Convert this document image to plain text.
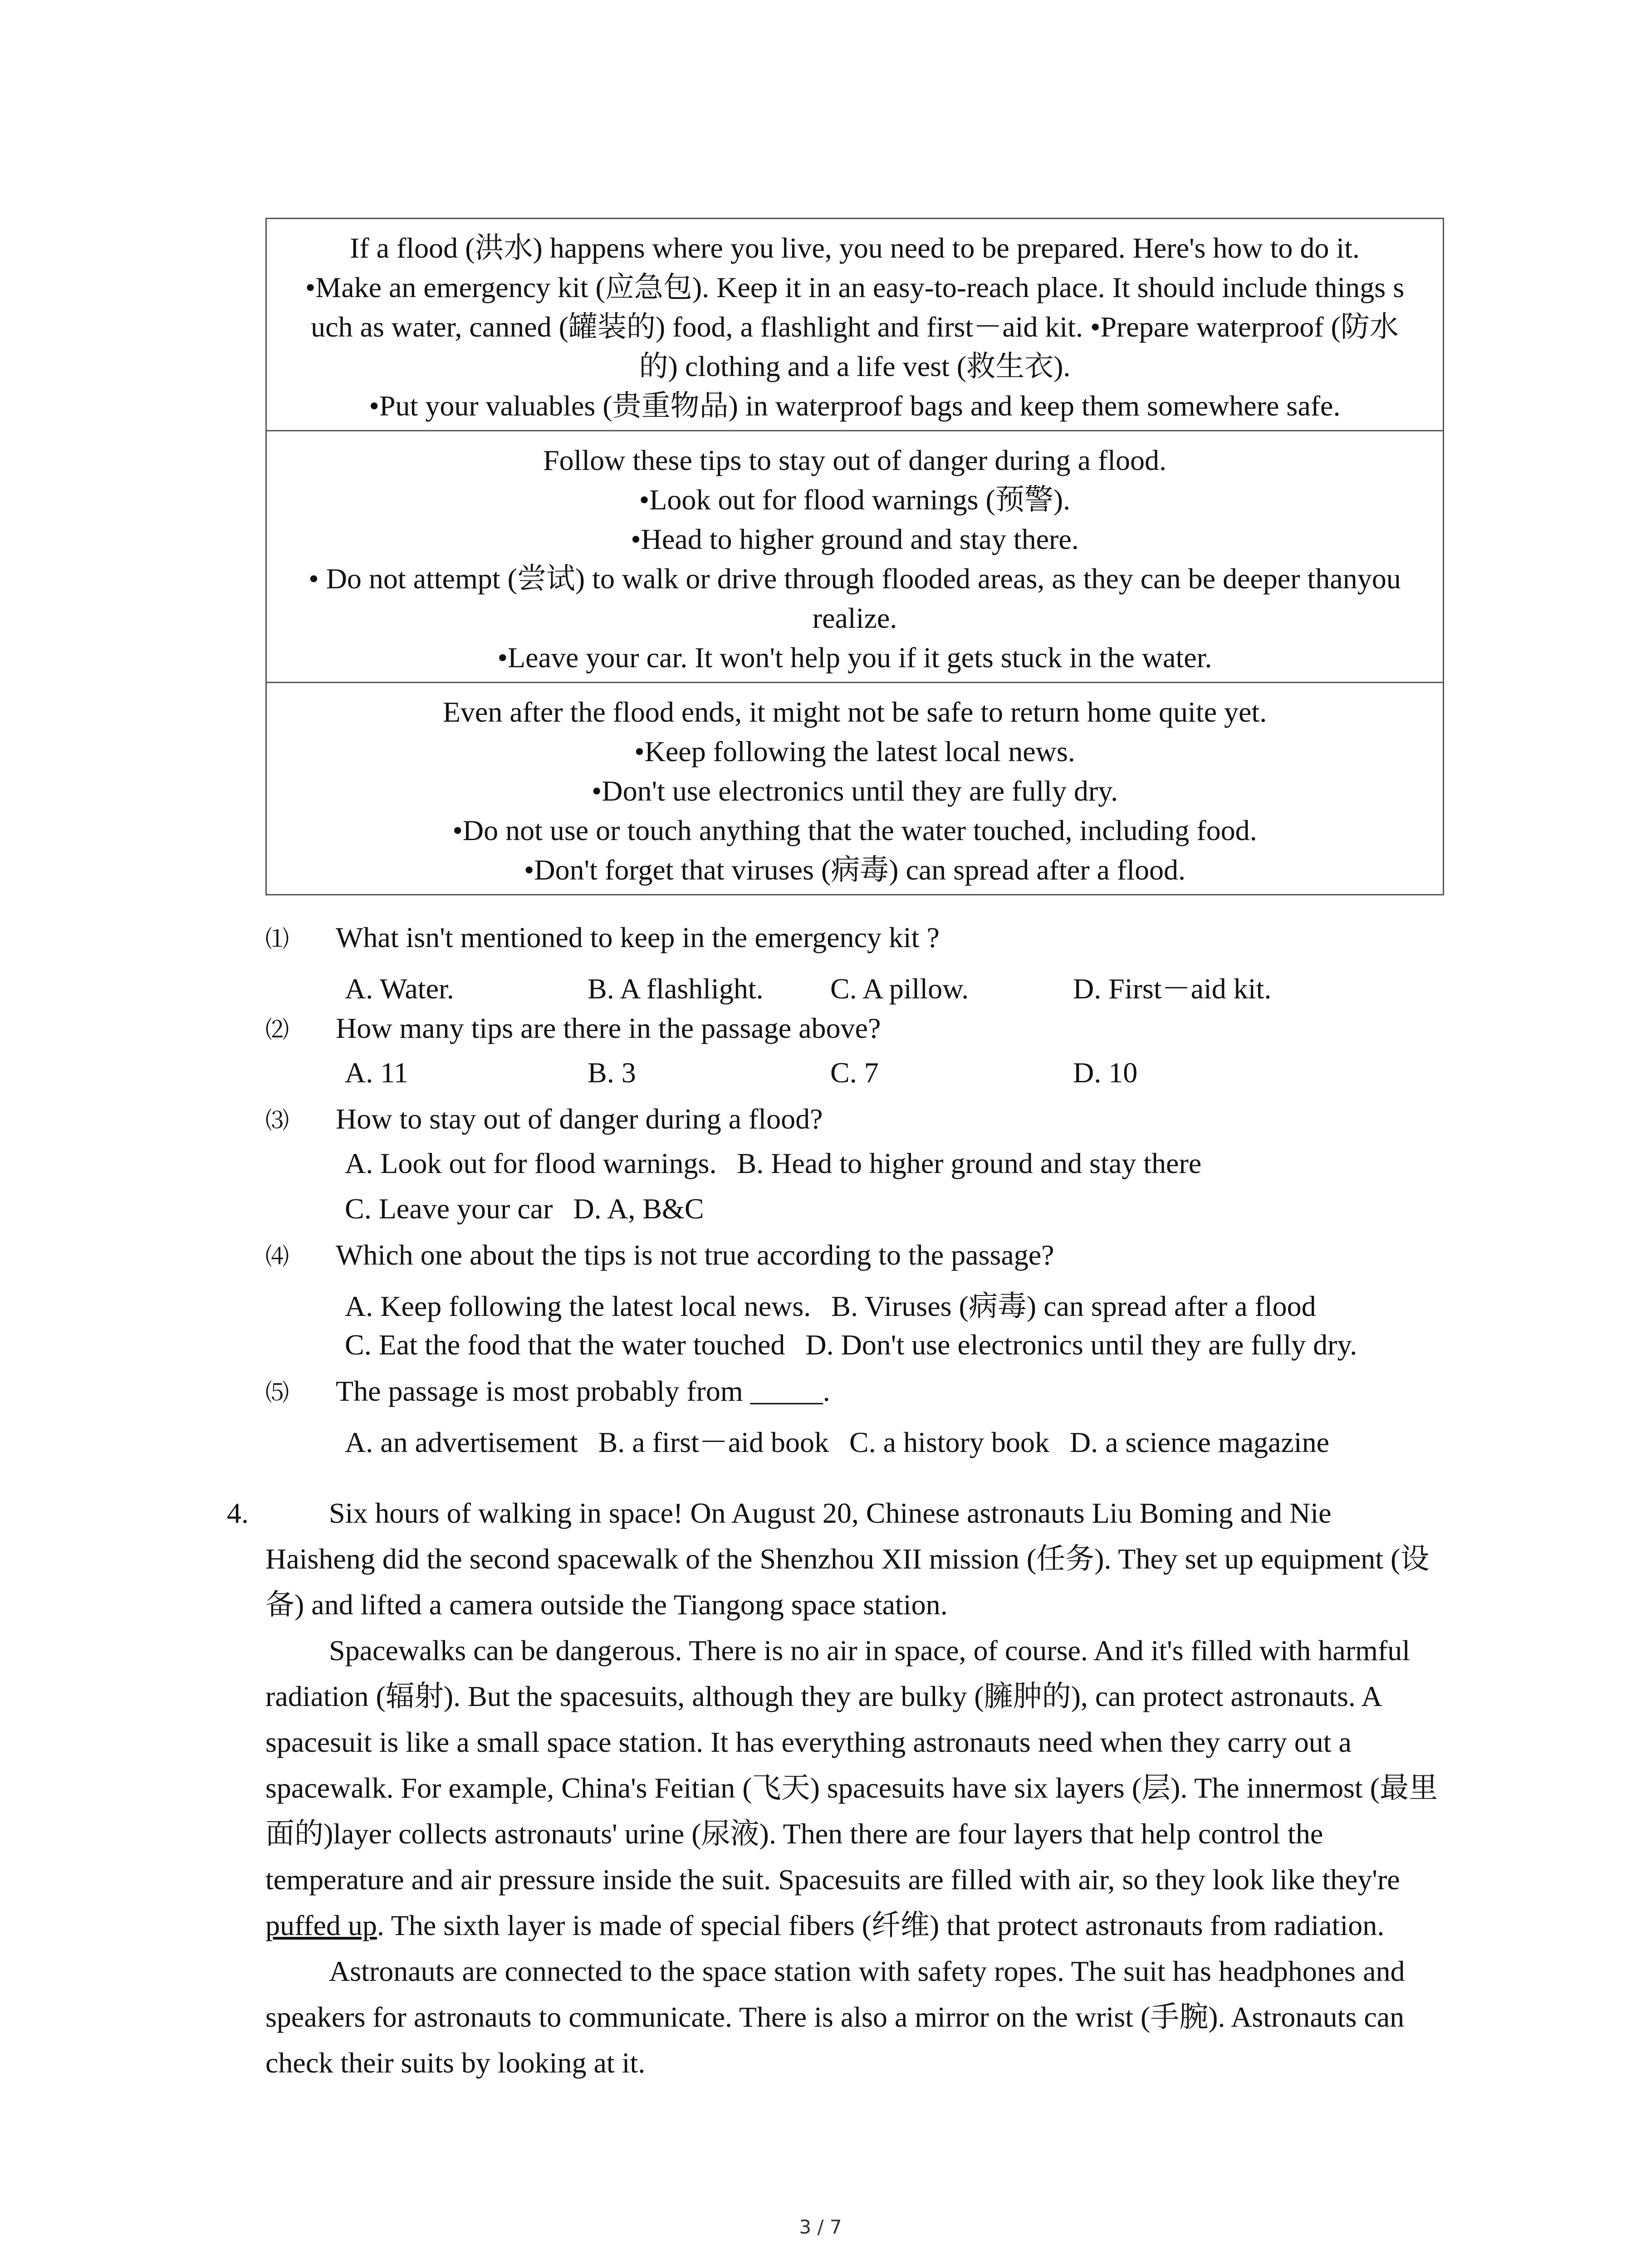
If a flood (洪水) happens where you live, you need to be prepared. Here's how to do it.
•Make an emergency kit (应急包). Keep it in an easy-to-reach place. It should include things s
uch as water, canned (罐装的) food, a flashlight and first－aid kit. •Prepare waterproof (防水
的) clothing and a life vest (救生衣).
•Put your valuables (贵重物品) in waterproof bags and keep them somewhere safe.
Follow these tips to stay out of danger during a flood.
•Look out for flood warnings (预警).
•Head to higher ground and stay there.
• Do not attempt (尝试) to walk or drive through flooded areas, as they can be deeper thanyou
realize.
•Leave your car. It won't help you if it gets stuck in the water.
Even after the flood ends, it might not be safe to return home quite yet.
•Keep following the latest local news.
•Don't use electronics until they are fully dry.
•Do not use or touch anything that the water touched, including food.
•Don't forget that viruses (病毒) can spread after a flood.
⑴	What isn't mentioned to keep in the emergency kit ?
A. Water.	B. A flashlight.	C. A pillow.	D. First－aid kit.
⑵	How many tips are there in the passage above?
A. 11	B. 3	C. 7	D. 10
⑶	How to stay out of danger during a flood?
A. Look out for flood warnings. B. Head to higher ground and stay there
C. Leave your car D. A, B&C
⑷	Which one about the tips is not true according to the passage?
A. Keep following the latest local news. B. Viruses (病毒) can spread after a flood
C. Eat the food that the water touched D. Don't use electronics until they are fully dry.
⑸	The passage is most probably from _____.
A. an advertisement B. a first－aid book C. a history book D. a science magazine
4.	Six hours of walking in space! On August 20, Chinese astronauts Liu Boming and Nie Haisheng did the second spacewalk of the Shenzhou XII mission (任务). They set up equipment (设备) and lifted a camera outside the Tiangong space station.

Spacewalks can be dangerous. There is no air in space, of course. And it's filled with harmful radiation (辐射). But the spacesuits, although they are bulky (臃肿的), can protect astronauts. A spacesuit is like a small space station. It has everything astronauts need when they carry out a spacewalk. For example, China's Feitian (飞天) spacesuits have six layers (层). The innermost (最里面的)layer collects astronauts' urine (尿液). Then there are four layers that help control the temperature and air pressure inside the suit. Spacesuits are filled with air, so they look like they're puffed up. The sixth layer is made of special fibers (纤维) that protect astronauts from radiation.

Astronauts are connected to the space station with safety ropes. The suit has headphones and speakers for astronauts to communicate. There is also a mirror on the wrist (手腕). Astronauts can check their suits by looking at it.

3 / 7
